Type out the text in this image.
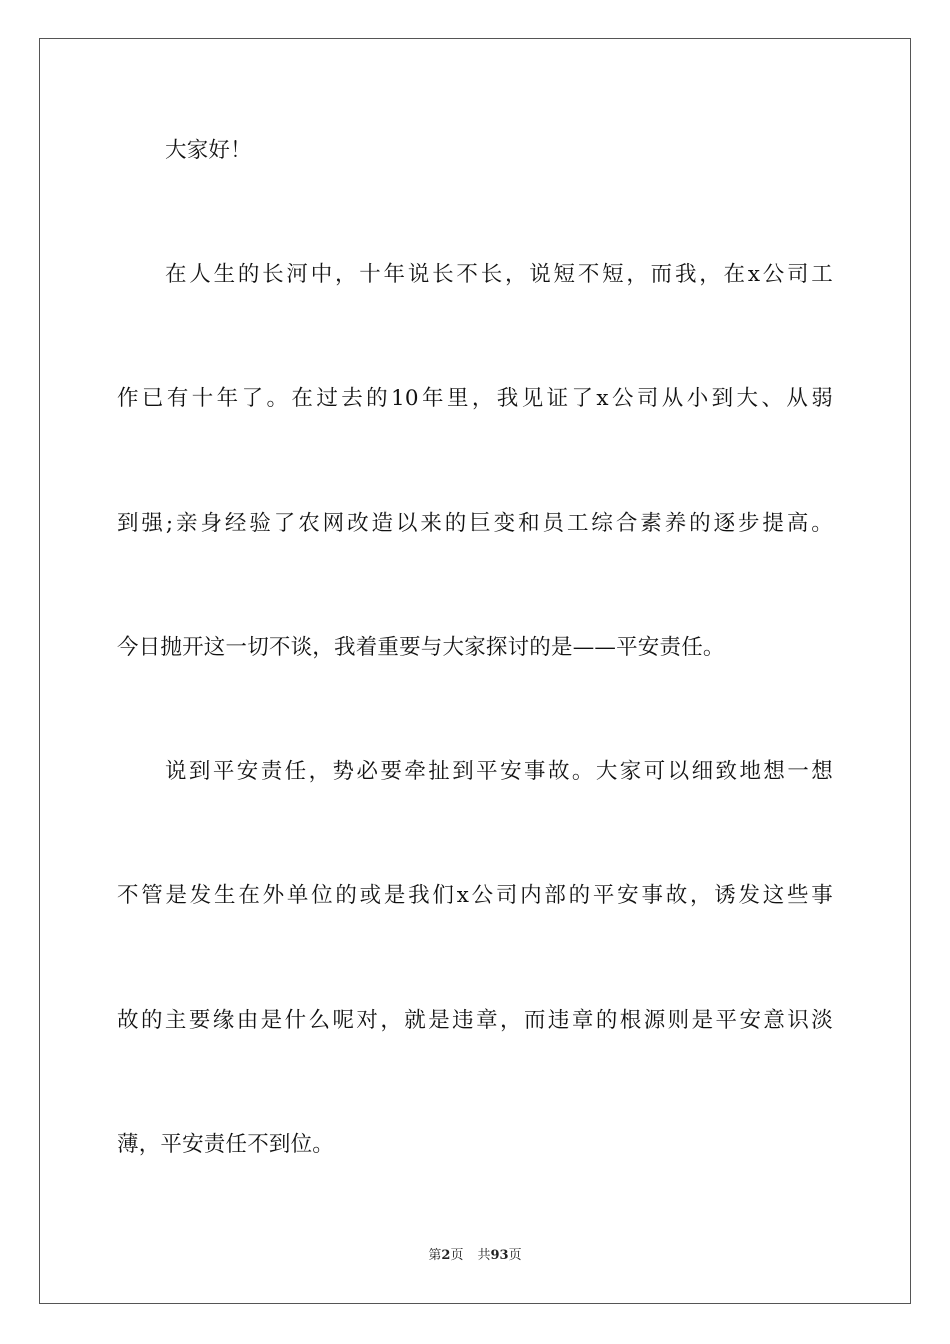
大家好！
在人生的长河中，十年说长不长，说短不短，而我，在x公司工
作已有十年了。在过去的10年里，我见证了x公司从小到大、从弱
到强;亲身经验了农网改造以来的巨变和员工综合素养的逐步提高。
今日抛开这一切不谈，我着重要与大家探讨的是——平安责任。
说到平安责任，势必要牵扯到平安事故。大家可以细致地想一想
不管是发生在外单位的或是我们x公司内部的平安事故，诱发这些事
故的主要缘由是什么呢对，就是违章，而违章的根源则是平安意识淡
薄，平安责任不到位。
第2页 共93页
